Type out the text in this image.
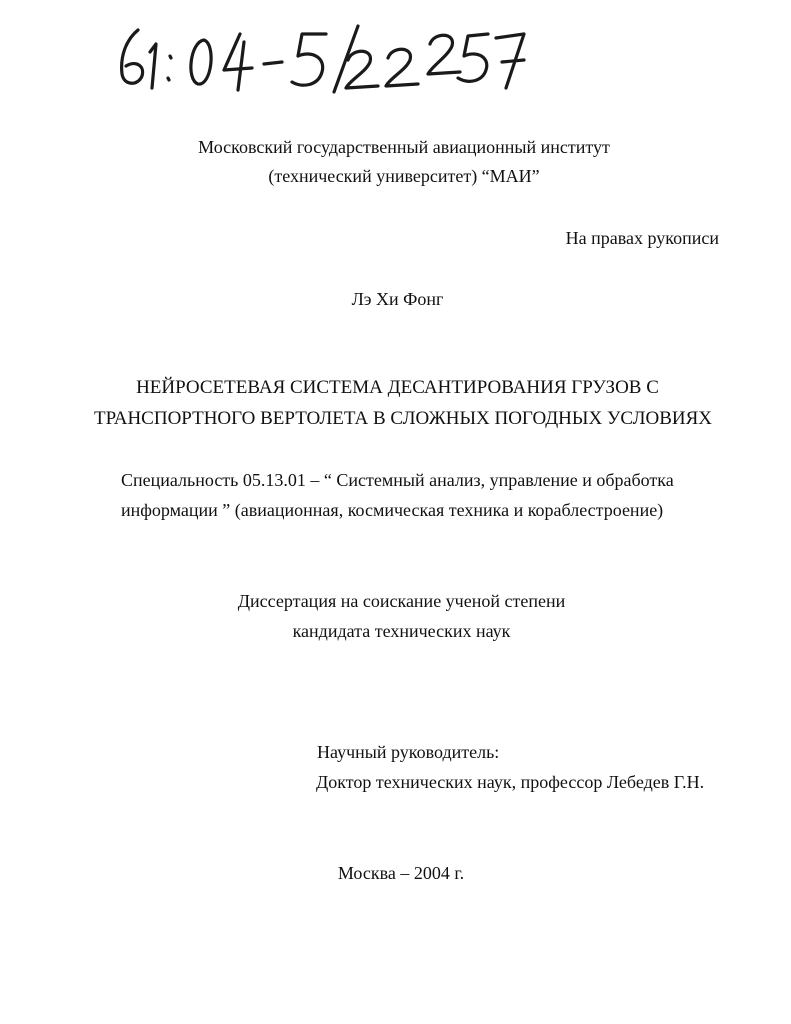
Московский государственный авиационный институт
(технический университет) “МАИ”
На правах рукописи
Лэ Хи Фонг
НЕЙРОСЕТЕВАЯ СИСТЕМА ДЕСАНТИРОВАНИЯ ГРУЗОВ С
ТРАНСПОРТНОГО ВЕРТОЛЕТА В СЛОЖНЫХ ПОГОДНЫХ УСЛОВИЯХ
Специальность 05.13.01 – “ Системный анализ, управление и обработка
информации ” (авиационная, космическая техника и кораблестроение)
Диссертация на соискание ученой степени
кандидата технических наук
Научный руководитель:
Доктор технических наук, профессор Лебедев Г.Н.
Москва – 2004 г.
